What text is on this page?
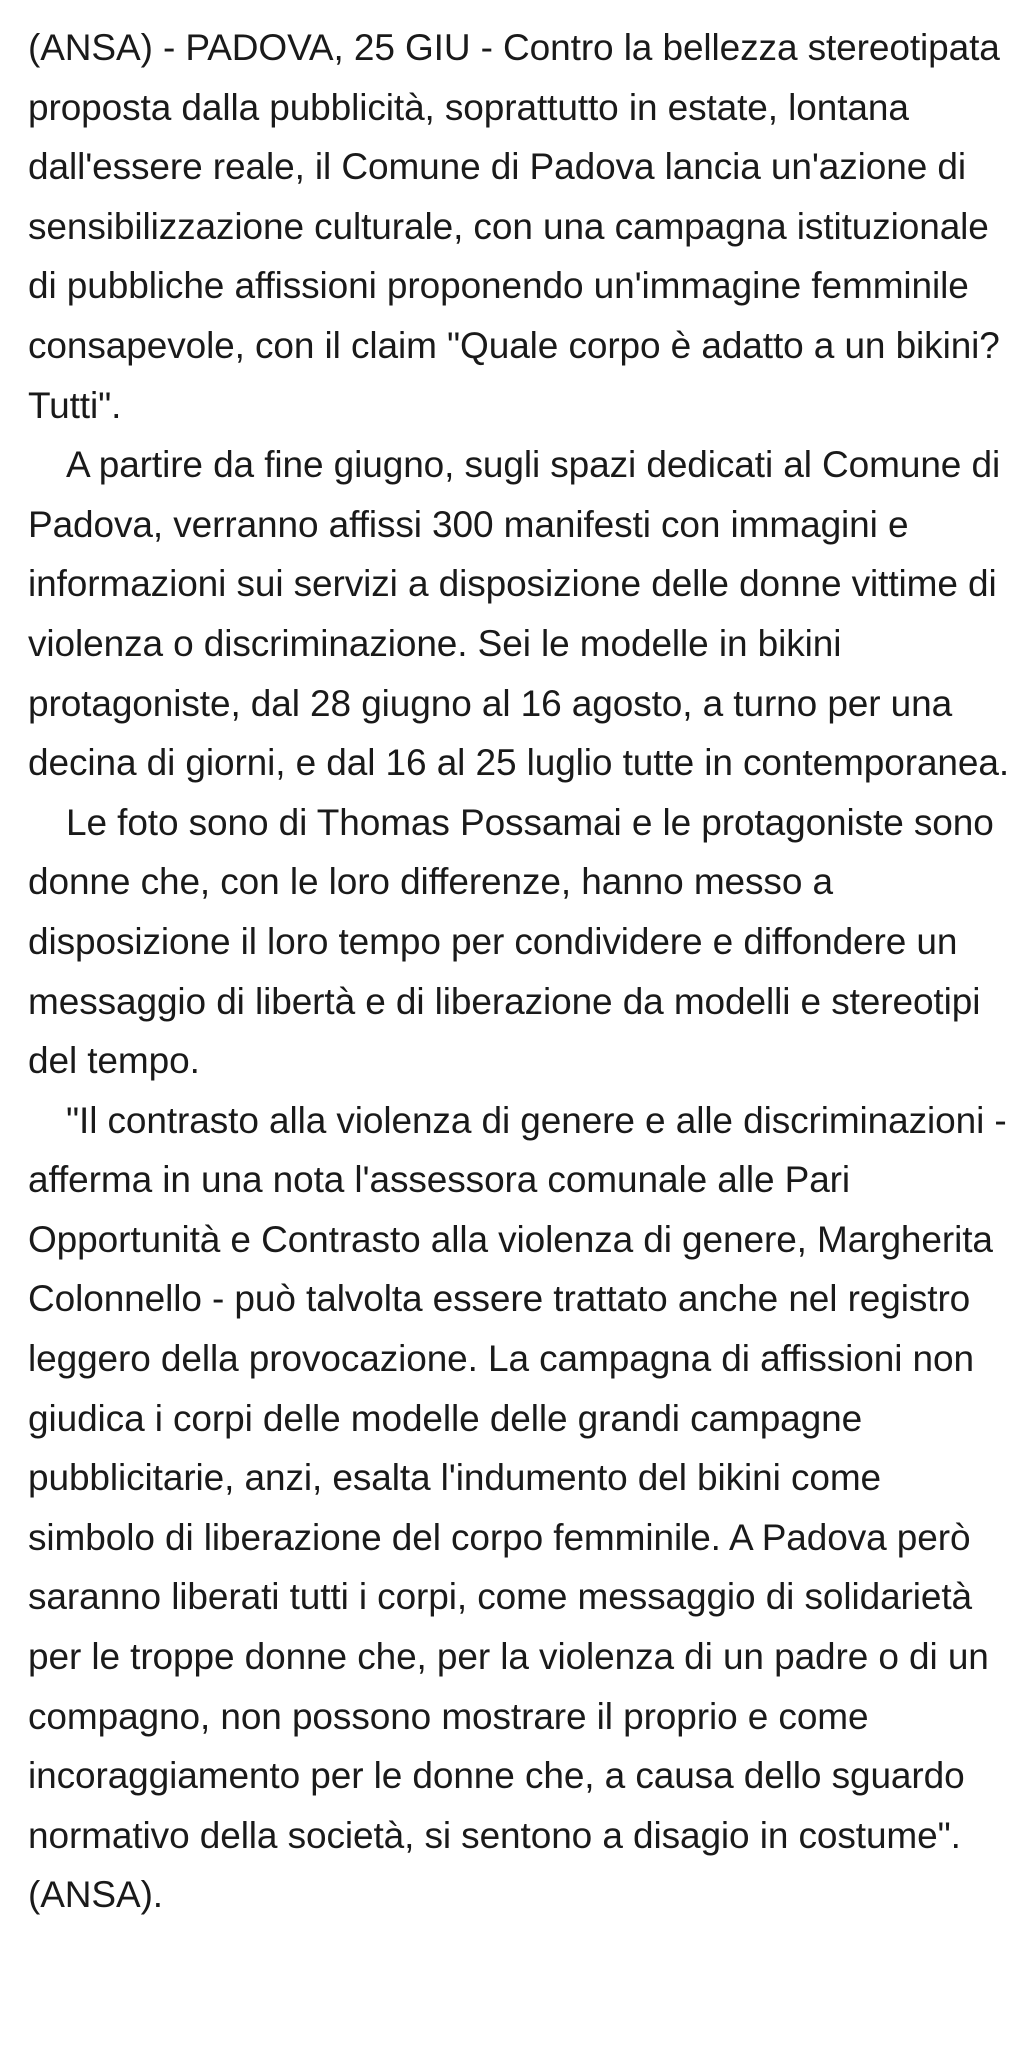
(ANSA) - PADOVA, 25 GIU - Contro la bellezza stereotipata proposta dalla pubblicità, soprattutto in estate, lontana dall'essere reale, il Comune di Padova lancia un'azione di sensibilizzazione culturale, con una campagna istituzionale di pubbliche affissioni proponendo un'immagine femminile consapevole, con il claim "Quale corpo è adatto a un bikini? Tutti".

A partire da fine giugno, sugli spazi dedicati al Comune di Padova, verranno affissi 300 manifesti con immagini e informazioni sui servizi a disposizione delle donne vittime di violenza o discriminazione. Sei le modelle in bikini protagoniste, dal 28 giugno al 16 agosto, a turno per una decina di giorni, e dal 16 al 25 luglio tutte in contemporanea.

Le foto sono di Thomas Possamai e le protagoniste sono donne che, con le loro differenze, hanno messo a disposizione il loro tempo per condividere e diffondere un messaggio di libertà e di liberazione da modelli e stereotipi del tempo.

"Il contrasto alla violenza di genere e alle discriminazioni - afferma in una nota l'assessora comunale alle Pari Opportunità e Contrasto alla violenza di genere, Margherita Colonnello - può talvolta essere trattato anche nel registro leggero della provocazione. La campagna di affissioni non giudica i corpi delle modelle delle grandi campagne pubblicitarie, anzi, esalta l'indumento del bikini come simbolo di liberazione del corpo femminile. A Padova però saranno liberati tutti i corpi, come messaggio di solidarietà per le troppe donne che, per la violenza di un padre o di un compagno, non possono mostrare il proprio e come incoraggiamento per le donne che, a causa dello sguardo normativo della società, si sentono a disagio in costume". (ANSA).
